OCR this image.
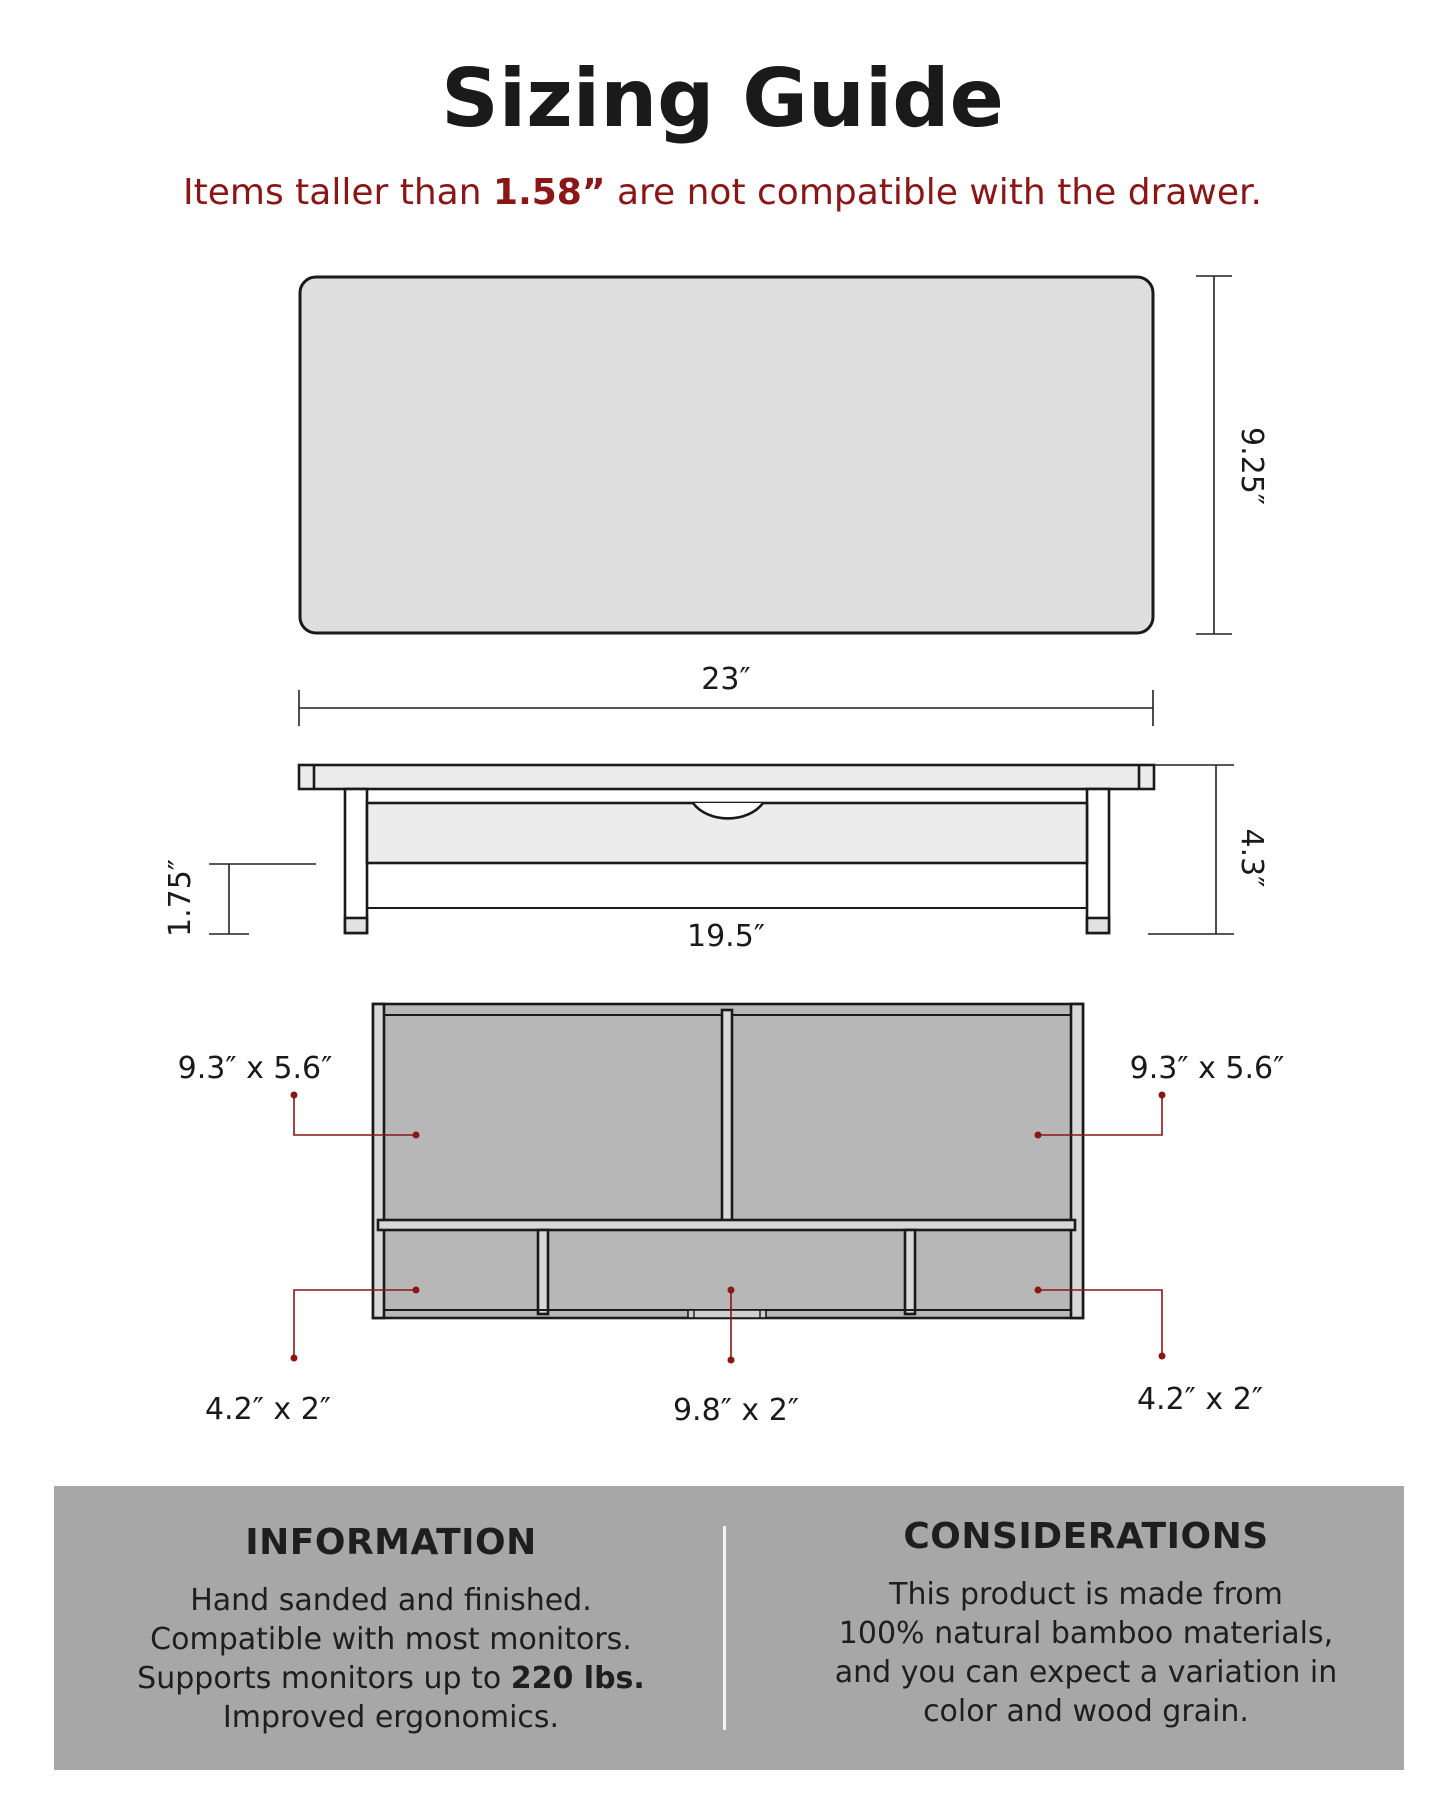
Sizing Guide
Items taller than 1.58” are not compatible with the drawer.
9.25″
23″
4.3″
1.75″	19.5″
9.3″ x 5.6″	9.3″ x 5.6″
4.2″ x 2″	9.8″ x 2″	4.2″ x 2″
INFORMATION
Hand sanded and finished.
Compatible with most monitors.
Supports monitors up to 220 lbs.
Improved ergonomics.
CONSIDERATIONS
This product is made from
100% natural bamboo materials,
and you can expect a variation in
color and wood grain.
